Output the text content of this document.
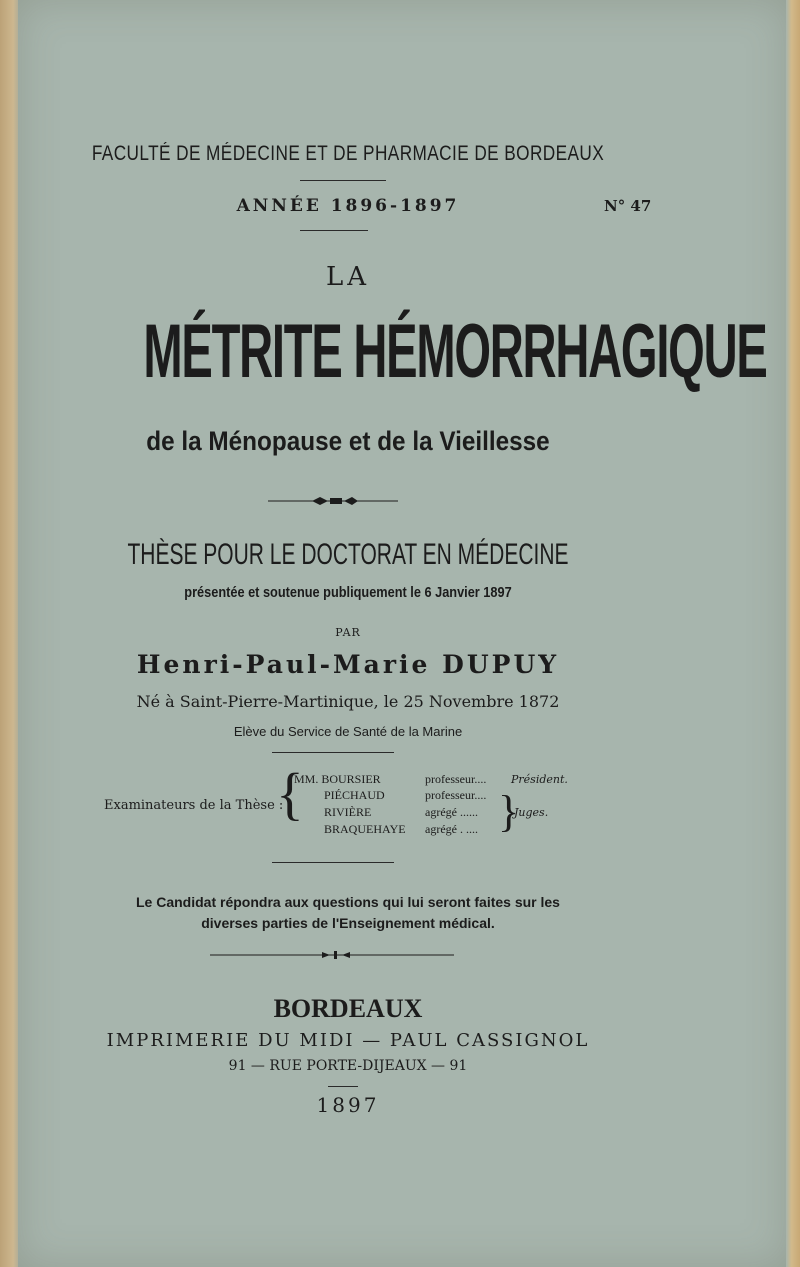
FACULTÉ DE MÉDECINE ET DE PHARMACIE DE BORDEAUX
ANNÉE 1896-1897	N° 47
LA
MÉTRITE HÉMORRHAGIQUE
de la Ménopause et de la Vieillesse
THÈSE POUR LE DOCTORAT EN MÉDECINE
présentée et soutenue publiquement le 6 Janvier 1897
PAR
Henri-Paul-Marie DUPUY
Né à Saint-Pierre-Martinique, le 25 Novembre 1872
Elève du Service de Santé de la Marine
Examinateurs de la Thèse :
{
MM. BOURSIER
PIÉCHAUD
RIVIÈRE
BRAQUEHAYE
professeur....
professeur....
agrégé ......
agrégé . ....
Président.
}
Juges.
Le Candidat répondra aux questions qui lui seront faites sur les
diverses parties de l'Enseignement médical.
BORDEAUX
IMPRIMERIE DU MIDI — PAUL CASSIGNOL
91 — RUE PORTE-DIJEAUX — 91
1897
